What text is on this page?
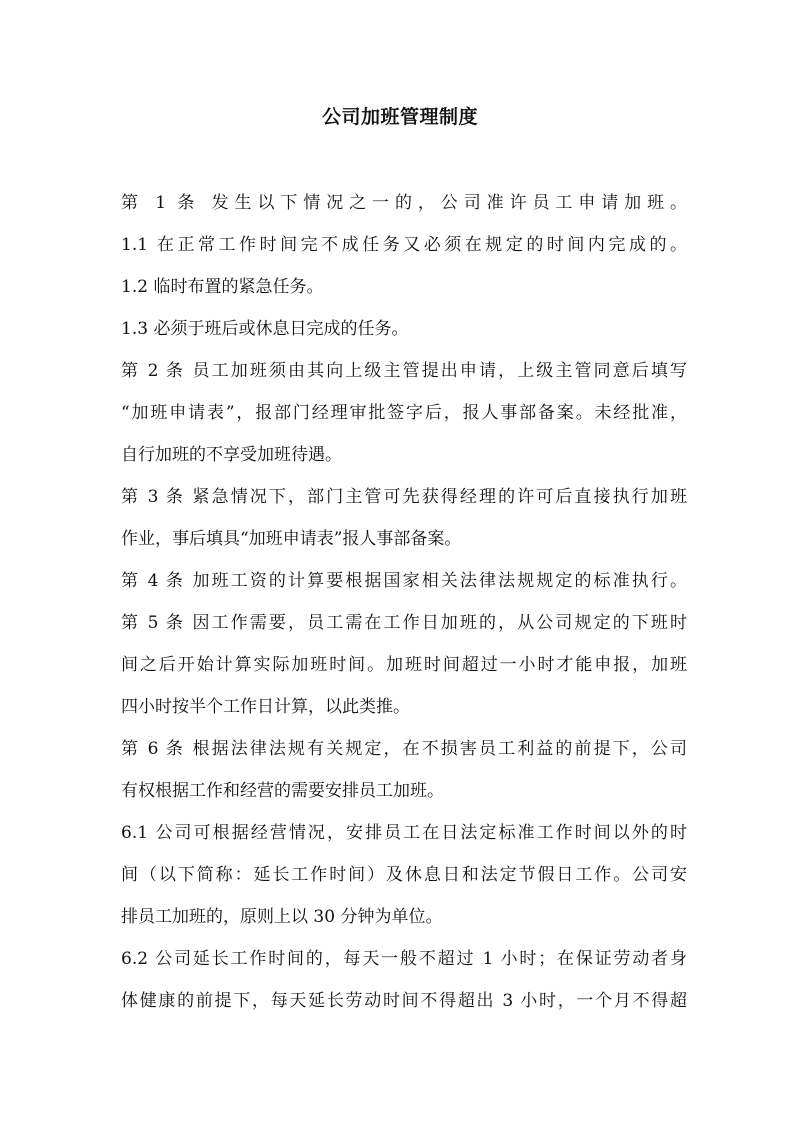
公司加班管理制度
第 1 条 发生以下情况之一的，公司准许员工申请加班。
1.1 在正常工作时间完不成任务又必须在规定的时间内完成的。
1.2 临时布置的紧急任务。
1.3 必须于班后或休息日完成的任务。
第 2 条 员工加班须由其向上级主管提出申请，上级主管同意后填写
“加班申请表”，报部门经理审批签字后，报人事部备案。未经批准，
自行加班的不享受加班待遇。
第 3 条 紧急情况下，部门主管可先获得经理的许可后直接执行加班
作业，事后填具“加班申请表”报人事部备案。
第 4 条 加班工资的计算要根据国家相关法律法规规定的标准执行。
第 5 条 因工作需要，员工需在工作日加班的，从公司规定的下班时
间之后开始计算实际加班时间。加班时间超过一小时才能申报，加班
四小时按半个工作日计算，以此类推。
第 6 条 根据法律法规有关规定，在不损害员工利益的前提下，公司
有权根据工作和经营的需要安排员工加班。
6.1 公司可根据经营情况，安排员工在日法定标准工作时间以外的时
间（以下简称：延长工作时间）及休息日和法定节假日工作。公司安
排员工加班的，原则上以 30 分钟为单位。
6.2 公司延长工作时间的，每天一般不超过 1 小时；在保证劳动者身
体健康的前提下，每天延长劳动时间不得超出 3 小时，一个月不得超
